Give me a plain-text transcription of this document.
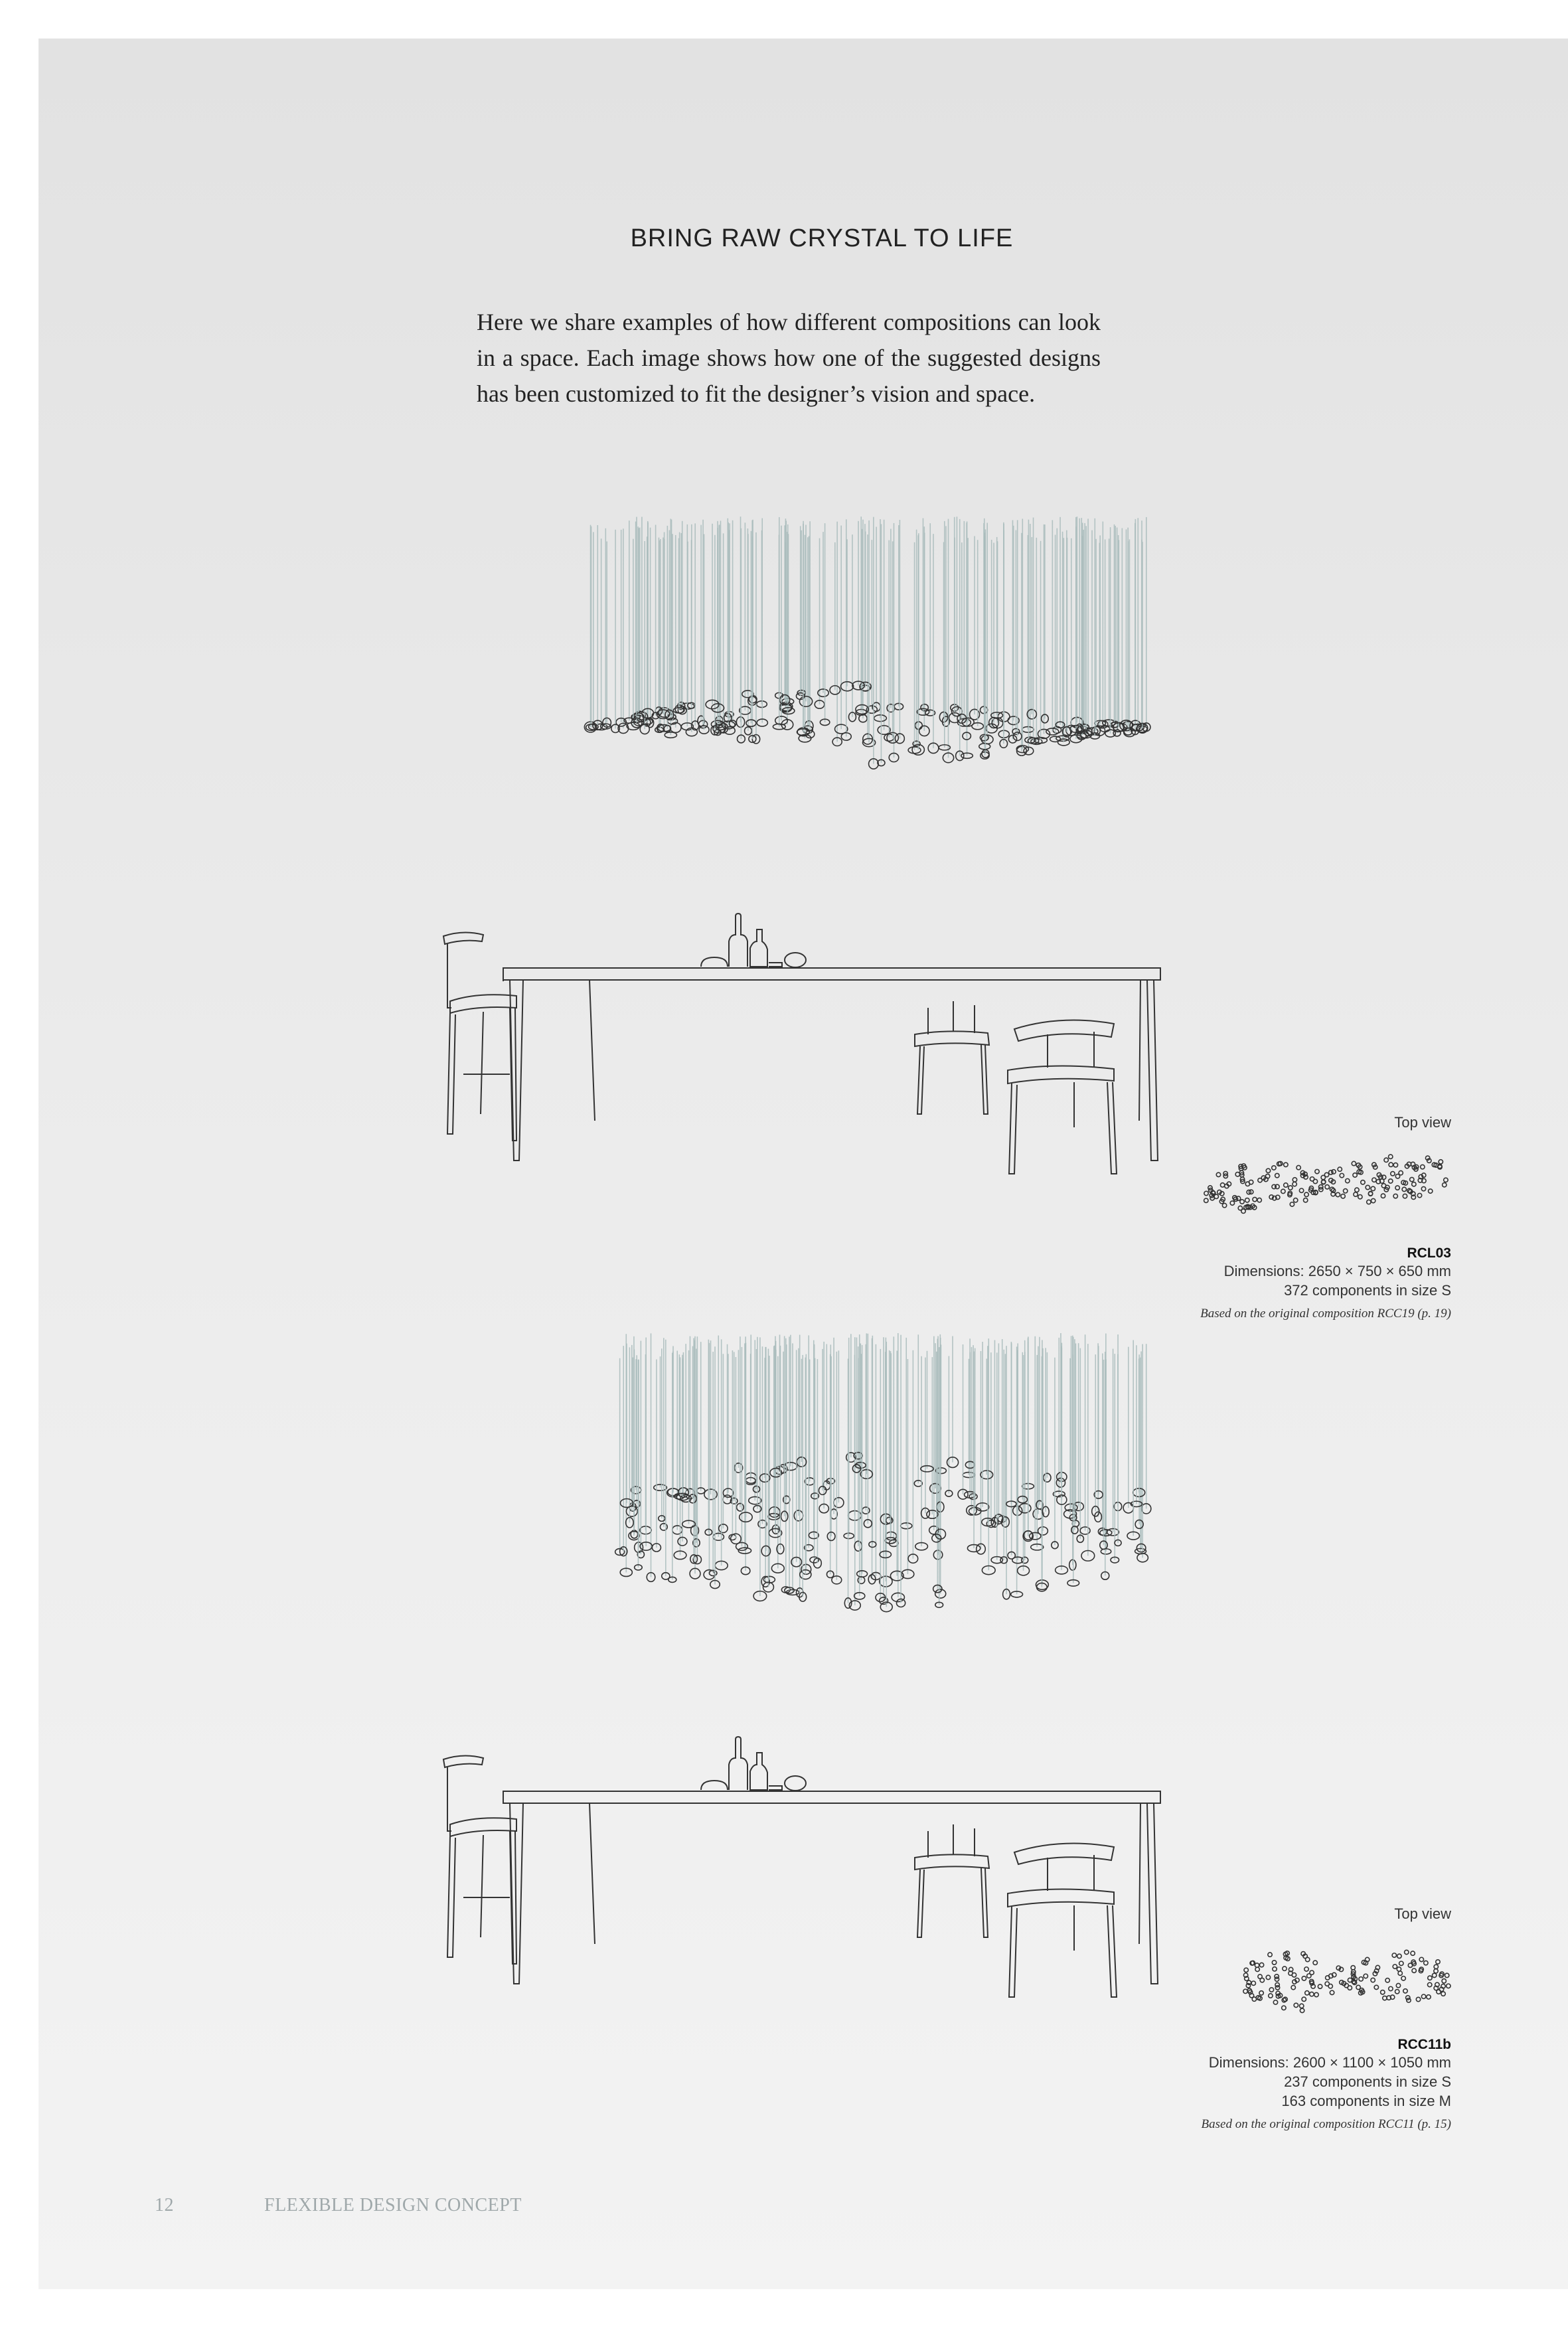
BRING RAW CRYSTAL TO LIFE
Here we share examples of how different compositions can look in a space. Each image shows how one of the suggested designs has been customized to fit the designer’s vision and space.
Top view
RCL03
Dimensions: 2650 × 750 × 650 mm
372 components in size S
Based on the original composition RCC19 (p. 19)
Top view
RCC11b
Dimensions: 2600 × 1100 × 1050 mm
237 components in size S
163 components in size M
Based on the original composition RCC11 (p. 15)
12	FLEXIBLE DESIGN CONCEPT
